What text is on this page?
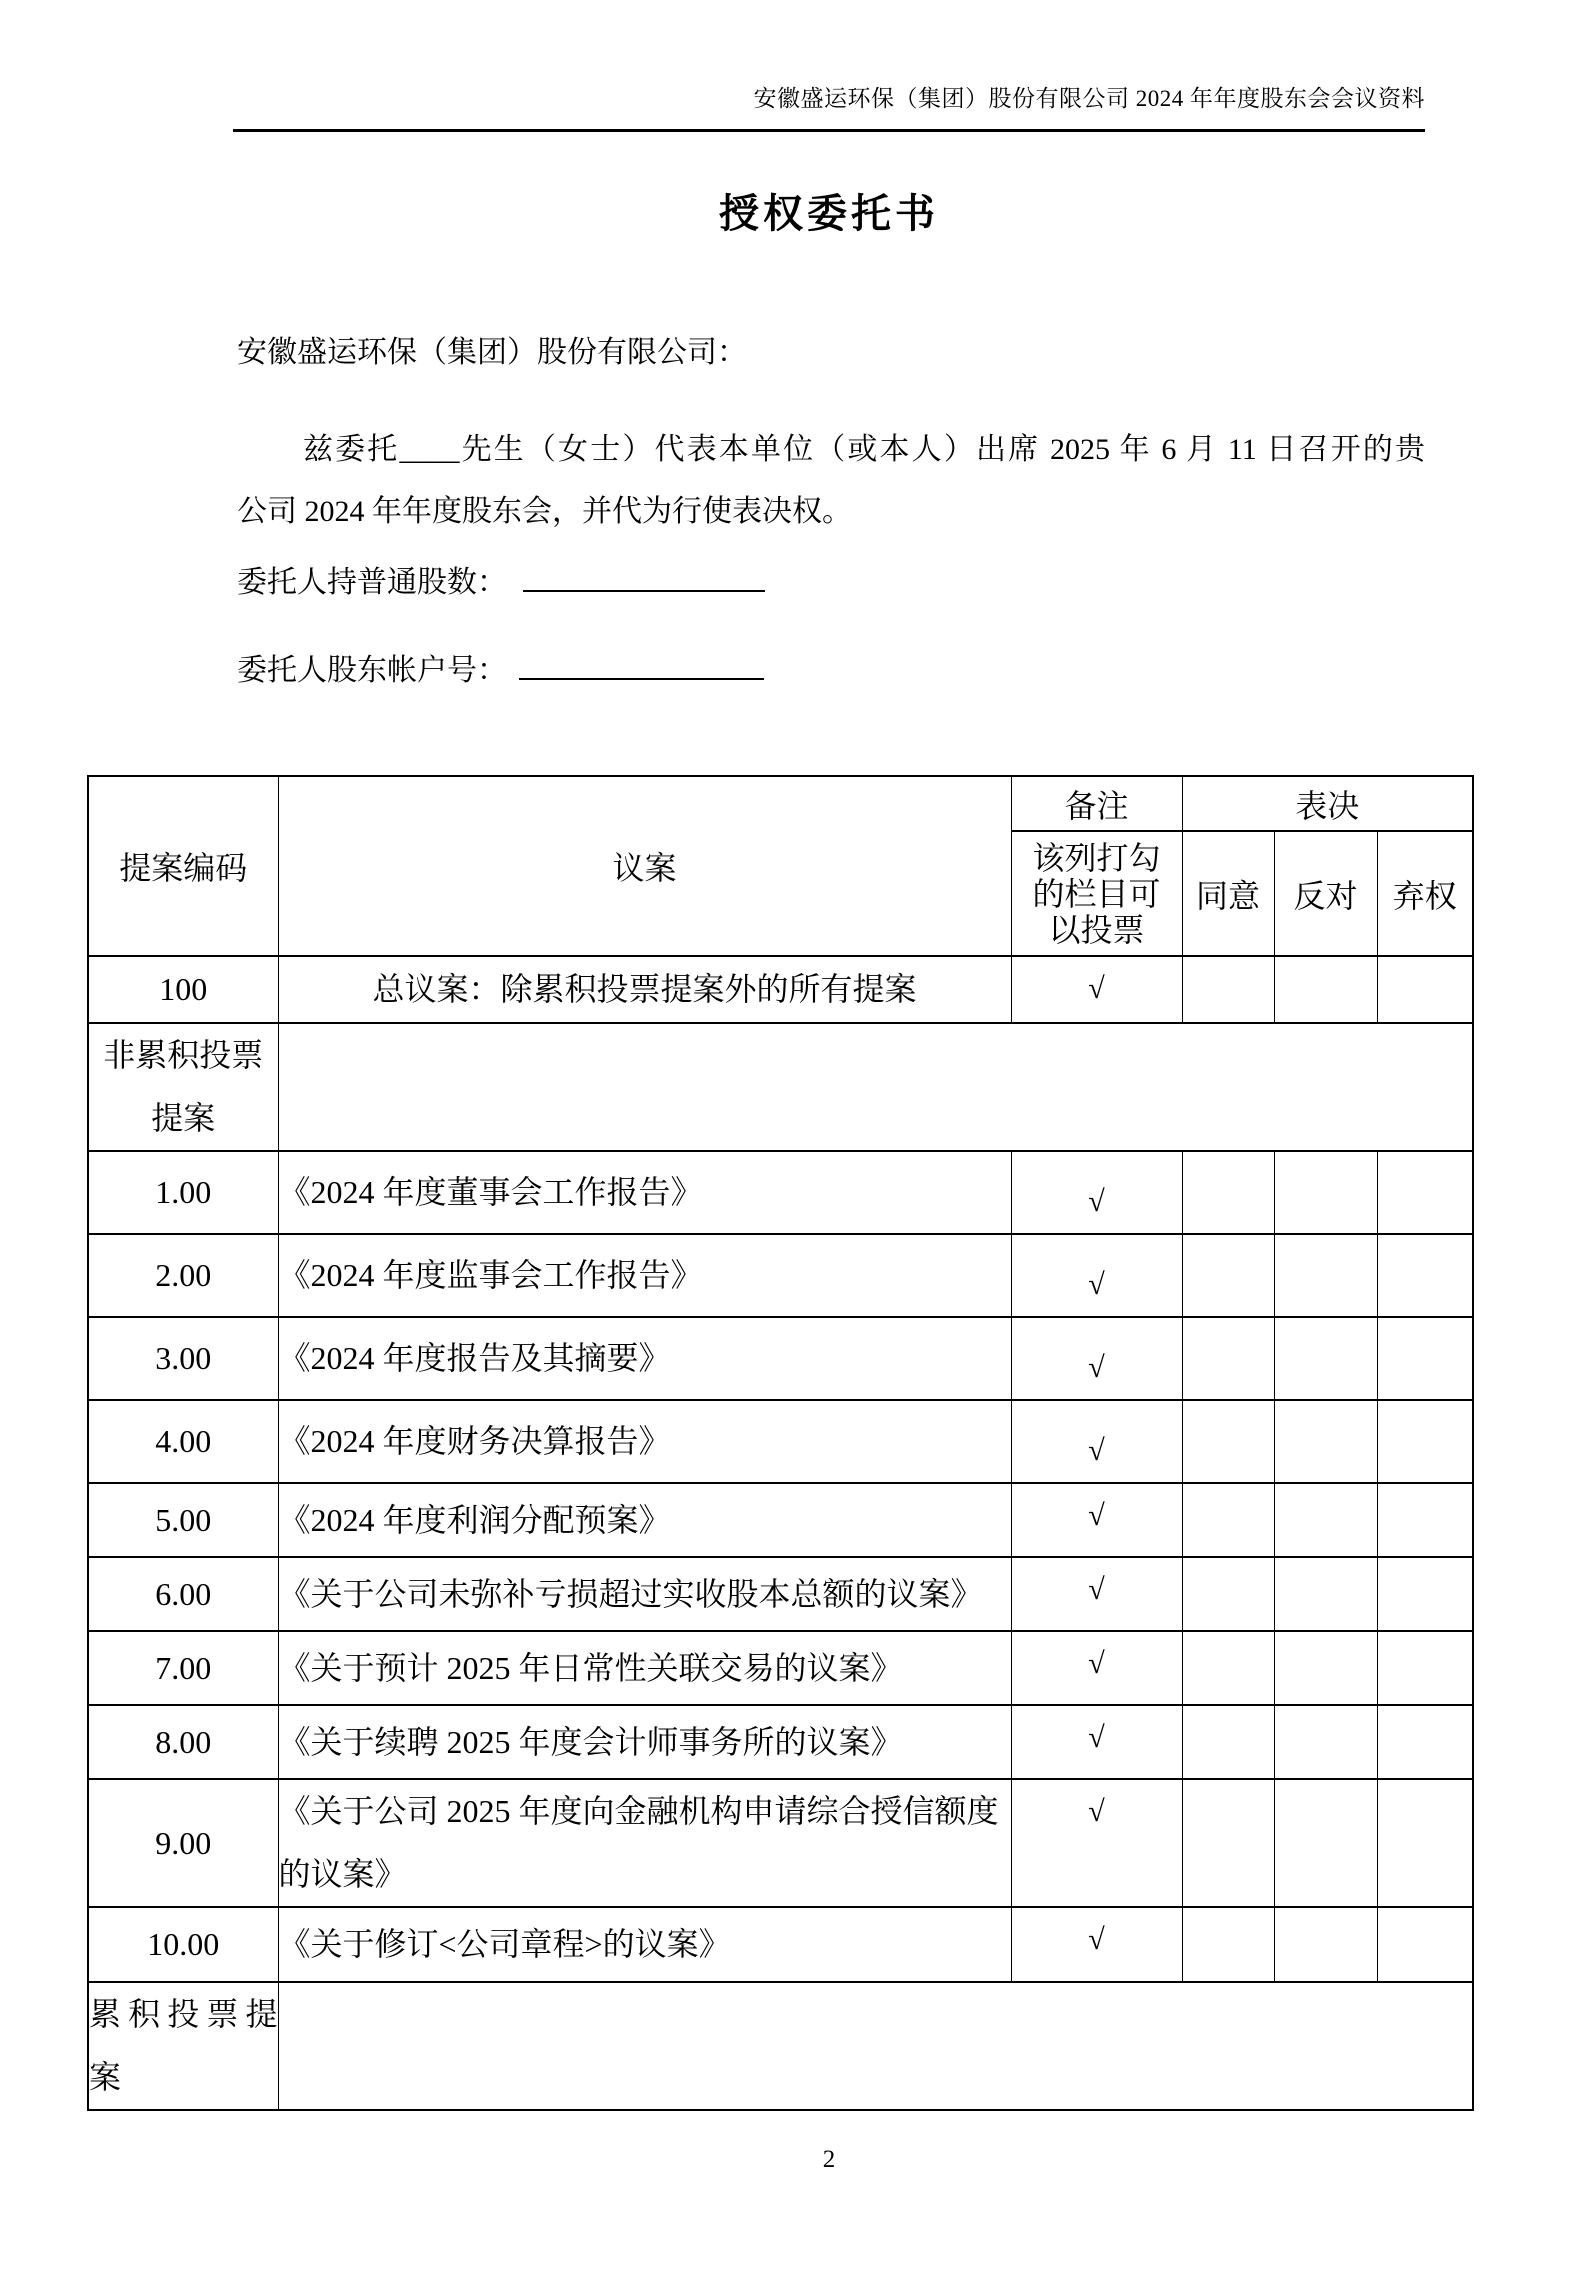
安徽盛运环保（集团）股份有限公司 2024 年年度股东会会议资料
授权委托书
安徽盛运环保（集团）股份有限公司：
兹委托____先生（女士）代表本单位（或本人）出席 2025 年 6 月 11 日召开的贵
公司 2024 年年度股东会，并代为行使表决权。
委托人持普通股数：
委托人股东帐户号：
提案编码	议案	备注	表决		

		该列打勾的栏目可以投票	同意	反对	弃权
100	总议案：除累积投票提案外的所有提案	√			
非累积投票提案					
1.00	《2024 年度董事会工作报告》	√			
2.00	《2024 年度监事会工作报告》	√			
3.00	《2024 年度报告及其摘要》	√			
4.00	《2024 年度财务决算报告》	√			
5.00	《2024 年度利润分配预案》	√			
6.00	《关于公司未弥补亏损超过实收股本总额的议案》	√			
7.00	《关于预计 2025 年日常性关联交易的议案》	√			
8.00	《关于续聘 2025 年度会计师事务所的议案》	√			
9.00	《关于公司 2025 年度向金融机构申请综合授信额度的议案》	√			
10.00	《关于修订<公司章程>的议案》	√			
累积投票提案					
2
